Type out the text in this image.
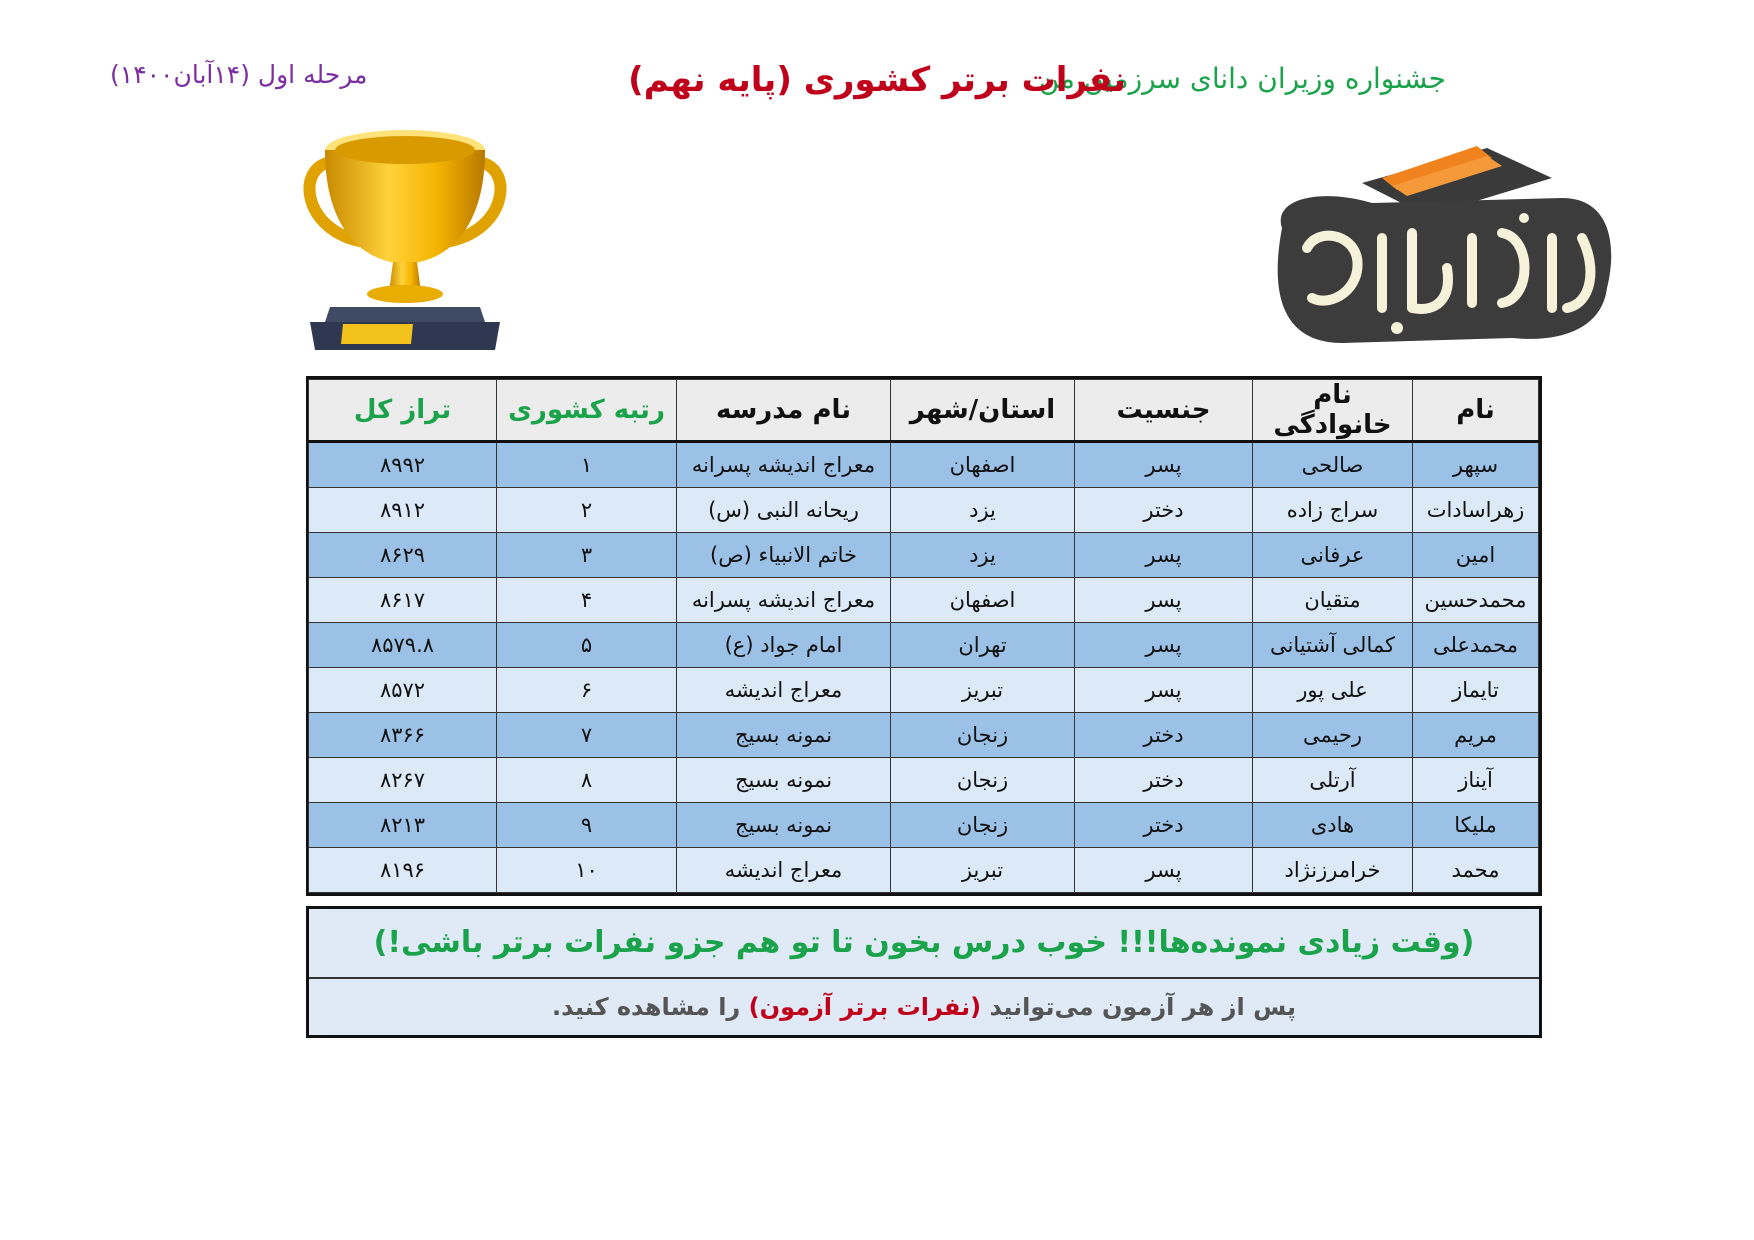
جشنواره وزیران دانای سرزمین من
نفرات برتر کشوری (پایه نهم)
مرحله اول (۱۴آبان۱۴۰۰)
نام	نام خانوادگی	جنسیت	استان/شهر	نام مدرسه	رتبه کشوری	تراز کل
سپهر	صالحی	پسر	اصفهان	معراج اندیشه پسرانه	۱	۸۹۹۲
زهراسادات	سراج زاده	دختر	یزد	ریحانه النبی (س)	۲	۸۹۱۲
امین	عرفانی	پسر	یزد	خاتم الانبیاء (ص)	۳	۸۶۲۹
محمدحسین	متقیان	پسر	اصفهان	معراج اندیشه پسرانه	۴	۸۶۱۷
محمدعلی	کمالی آشتیانی	پسر	تهران	امام جواد (ع)	۵	۸۵۷۹.۸
تایماز	علی پور	پسر	تبریز	معراج اندیشه	۶	۸۵۷۲
مریم	رحیمی	دختر	زنجان	نمونه بسیج	۷	۸۳۶۶
آیناز	آرتلی	دختر	زنجان	نمونه بسیج	۸	۸۲۶۷
ملیکا	هادی	دختر	زنجان	نمونه بسیج	۹	۸۲۱۳
محمد	خرامرزنژاد	پسر	تبریز	معراج اندیشه	۱۰	۸۱۹۶
(وقت زیادی نمونده‌ها!!! خوب درس بخون تا تو هم جزو نفرات برتر باشی!)
پس از هر آزمون می‌توانید (نفرات برتر آزمون) را مشاهده کنید.
